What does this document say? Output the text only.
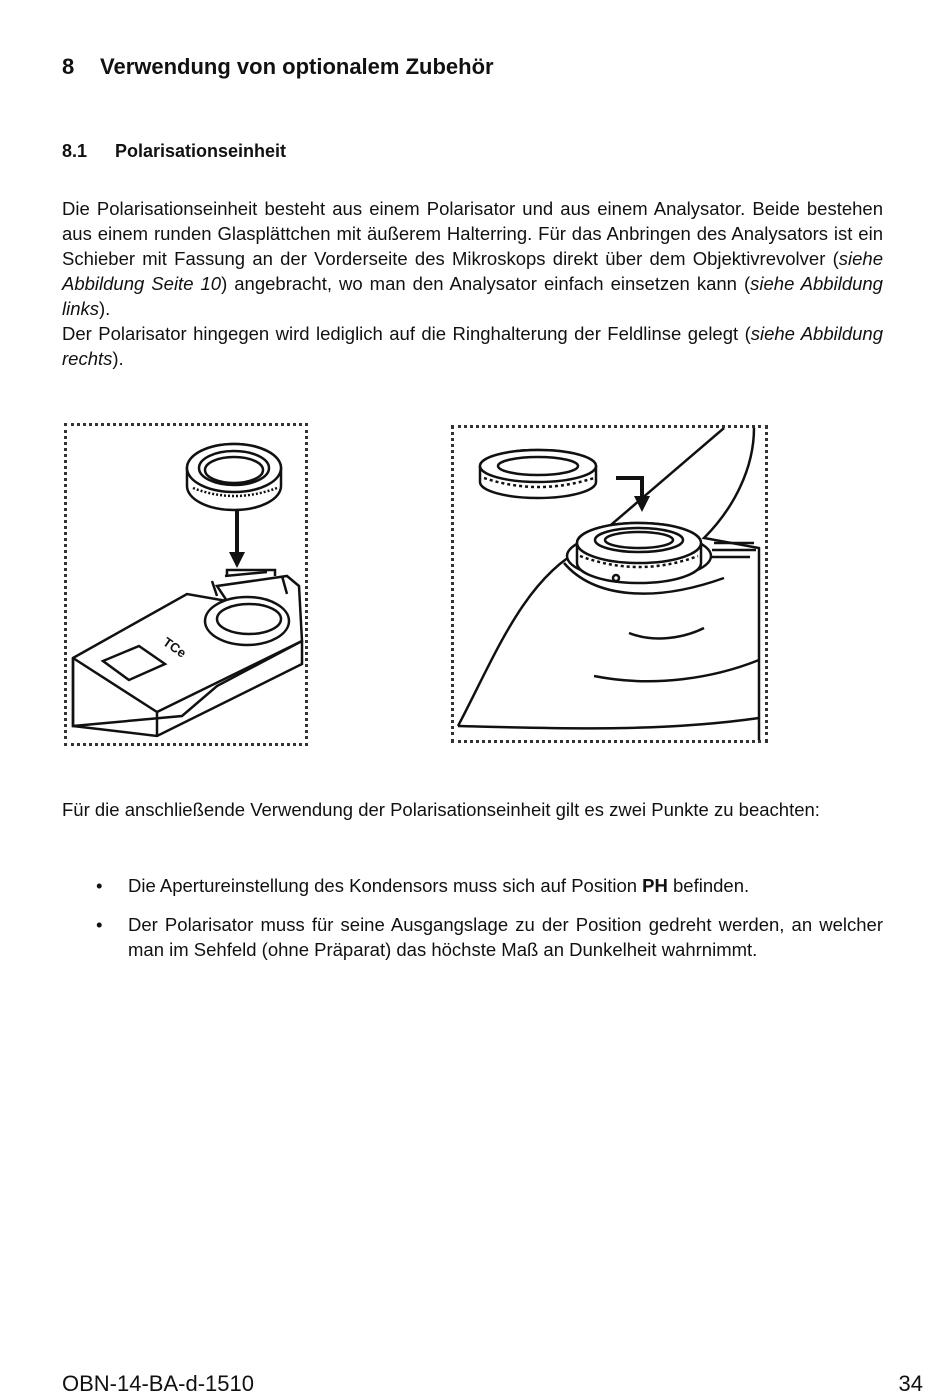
8 Verwendung von optionalem Zubehör
8.1 Polarisationseinheit

Die Polarisationseinheit besteht aus einem Polarisator und aus einem Analysator. Beide bestehen aus einem runden Glasplättchen mit äußerem Halterring. Für das Anbringen des Analysators ist ein Schieber mit Fassung an der Vorderseite des Mikroskops direkt über dem Objektivrevolver (siehe Abbildung Seite 10) angebracht, wo man den Analysator einfach einsetzen kann (siehe Abbildung links).
Der Polarisator hingegen wird lediglich auf die Ringhalterung der Feldlinse gelegt (siehe Abbildung rechts).

TCe

Für die anschließende Verwendung der Polarisationseinheit gilt es zwei Punkte zu beachten:

• Die Apertureinstellung des Kondensors muss sich auf Position PH befinden.
• Der Polarisator muss für seine Ausgangslage zu der Position gedreht werden, an welcher man im Sehfeld (ohne Präparat) das höchste Maß an Dunkelheit wahrnimmt.
OBN-14-BA-d-1510	34
